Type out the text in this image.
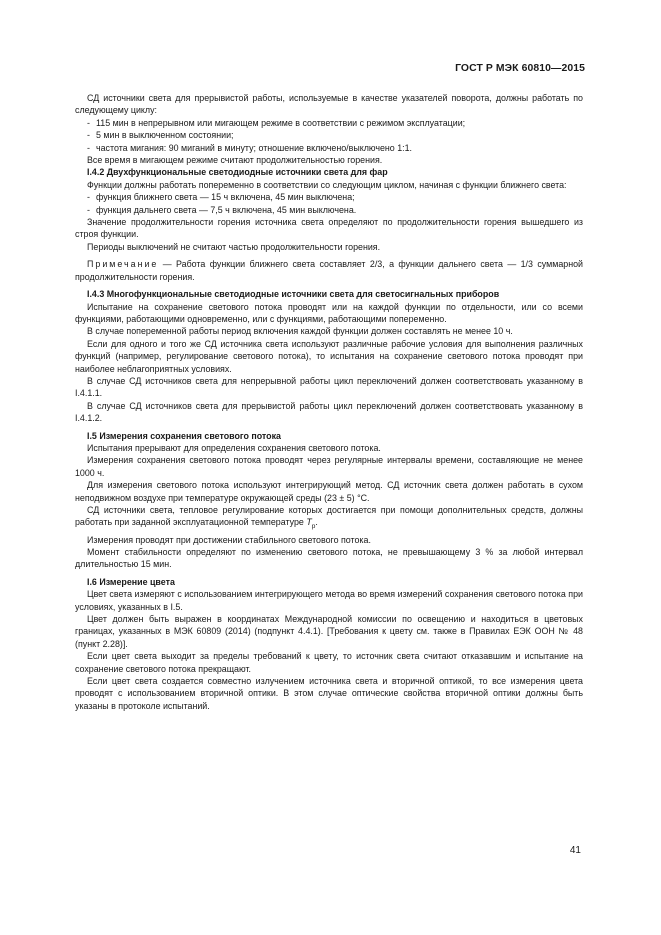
ГОСТ Р МЭК 60810—2015

СД источники света для прерывистой работы, используемые в качестве указателей поворота, должны работать по следующему циклу:

- 115 мин в непрерывном или мигающем режиме в соответствии с режимом эксплуатации;
- 5 мин в выключенном состоянии;
- частота мигания: 90 миганий в минуту; отношение включено/выключено 1:1.

Все время в мигающем режиме считают продолжительностью горения.

I.4.2 Двухфункциональные светодиодные источники света для фар

Функции должны работать попеременно в соответствии со следующим циклом, начиная с функции ближнего света:

- функция ближнего света — 15 ч включена, 45 мин выключена;
- функция дальнего света — 7,5 ч включена, 45 мин выключена.

Значение продолжительности горения источника света определяют по продолжительности горения вышедшего из строя функции.

Периоды выключений не считают частью продолжительности горения.

Примечание — Работа функции ближнего света составляет 2/3, а функции дальнего света — 1/3 суммарной продолжительности горения.

I.4.3 Многофункциональные светодиодные источники света для светосигнальных приборов

Испытание на сохранение светового потока проводят или на каждой функции по отдельности, или со всеми функциями, работающими одновременно, или с функциями, работающими попеременно.

В случае попеременной работы период включения каждой функции должен составлять не менее 10 ч.

Если для одного и того же СД источника света используют различные рабочие условия для выполнения различных функций (например, регулирование светового потока), то испытания на сохранение светового потока проводят при наиболее неблагоприятных условиях.

В случае СД источников света для непрерывной работы цикл переключений должен соответствовать указанному в I.4.1.1.

В случае СД источников света для прерывистой работы цикл переключений должен соответствовать указанному в I.4.1.2.

I.5 Измерения сохранения светового потока

Испытания прерывают для определения сохранения светового потока.

Измерения сохранения светового потока проводят через регулярные интервалы времени, составляющие не менее 1000 ч.

Для измерения светового потока используют интегрирующий метод. СД источник света должен работать в сухом неподвижном воздухе при температуре окружающей среды (23 ± 5) °С.

СД источники света, тепловое регулирование которых достигается при помощи дополнительных средств, должны работать при заданной эксплуатационной температуре $T_p$.

Измерения проводят при достижении стабильного светового потока.

Момент стабильности определяют по изменению светового потока, не превышающему 3 % за любой интервал длительностью 15 мин.

I.6 Измерение цвета

Цвет света измеряют с использованием интегрирующего метода во время измерений сохранения светового потока при условиях, указанных в I.5.

Цвет должен быть выражен в координатах Международной комиссии по освещению и находиться в цветовых границах, указанных в МЭК 60809 (2014) (подпункт 4.4.1). [Требования к цвету см. также в Правилах ЕЭК ООН № 48 (пункт 2.28)].

Если цвет света выходит за пределы требований к цвету, то источник света считают отказавшим и испытание на сохранение светового потока прекращают.

Если цвет света создается совместно излучением источника света и вторичной оптикой, то все измерения цвета проводят с использованием вторичной оптики. В этом случае оптические свойства вторичной оптики должны быть указаны в протоколе испытаний.

41
